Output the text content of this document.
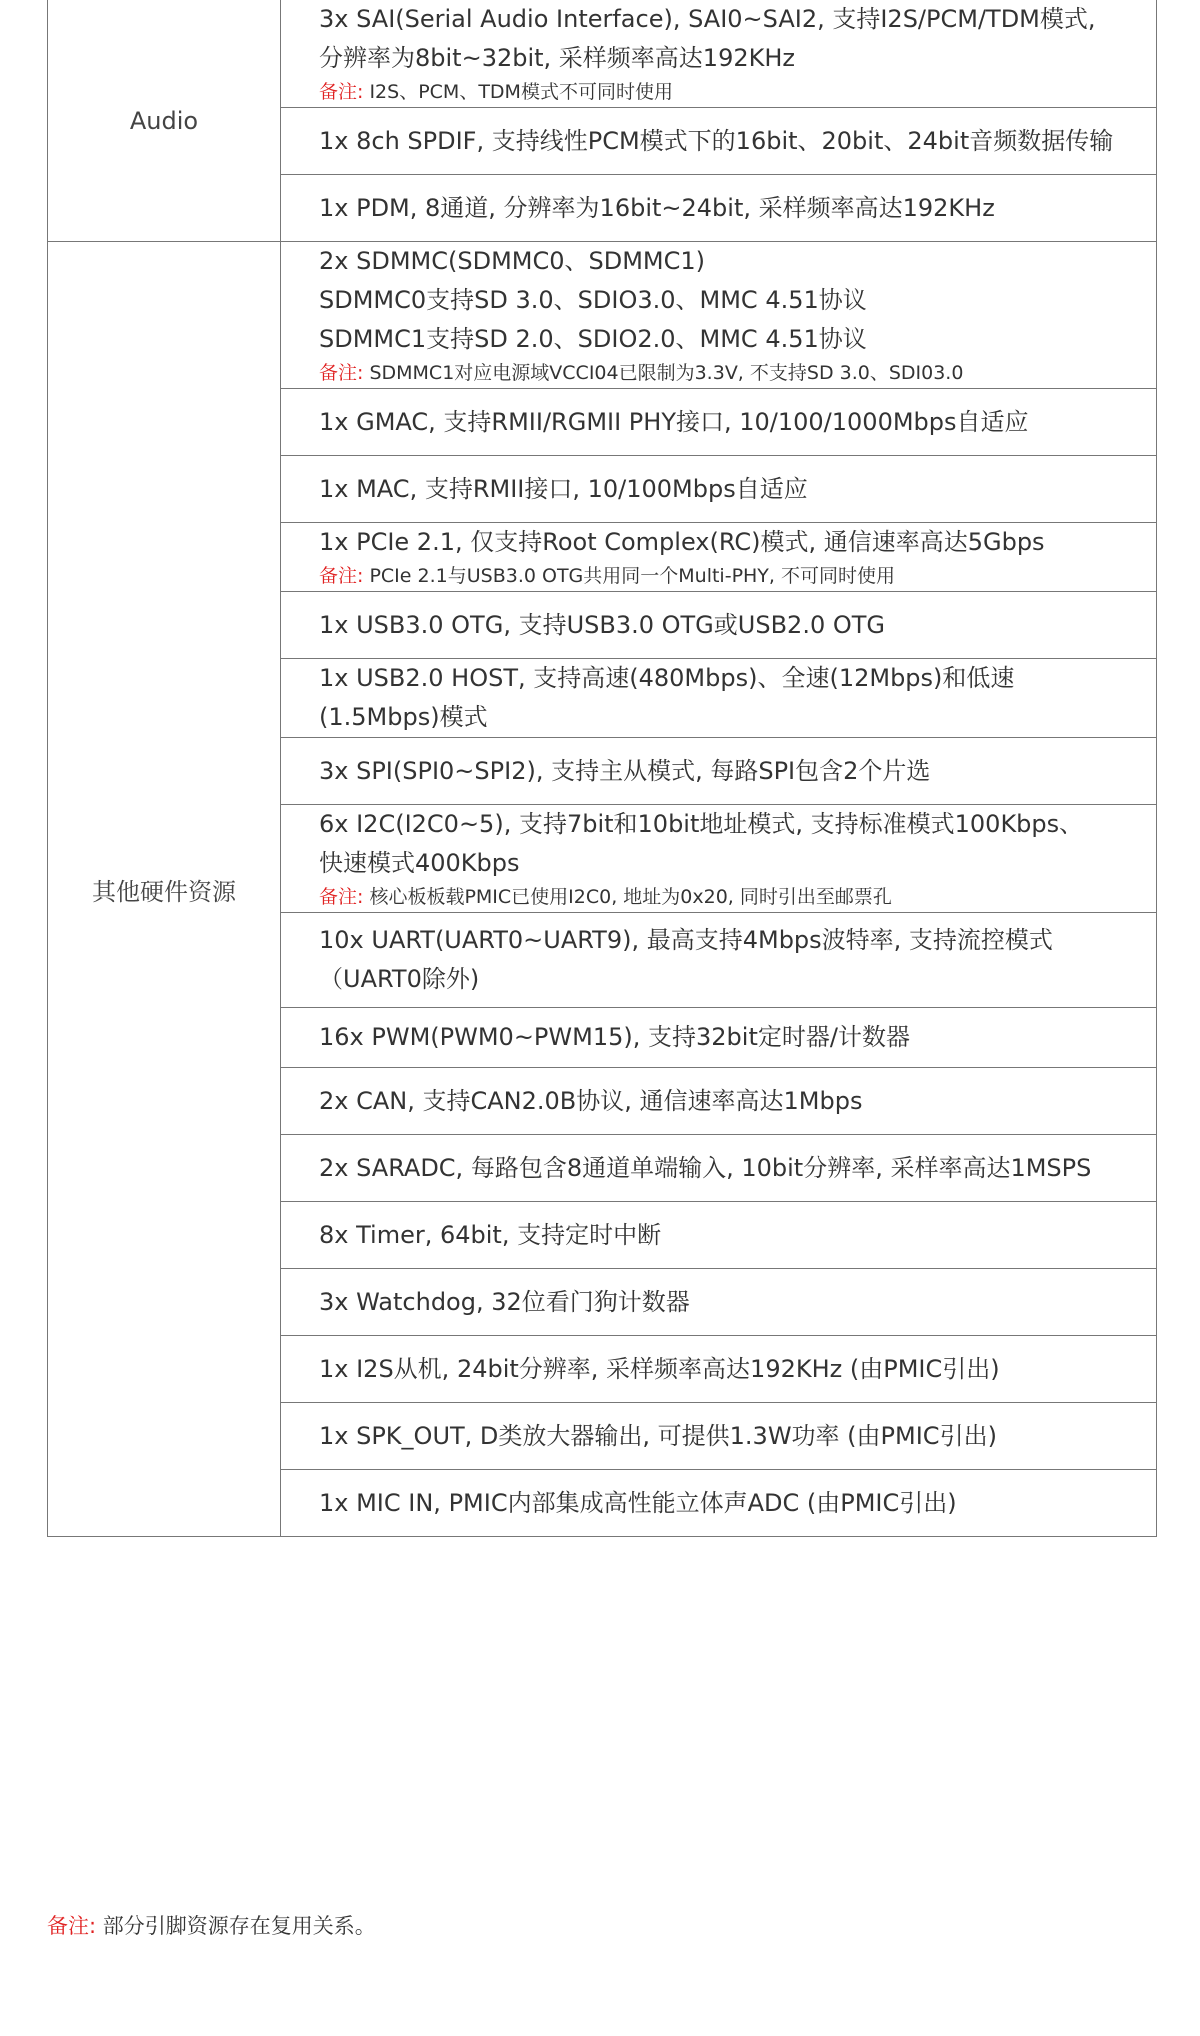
Audio	3x SAI(Serial Audio Interface), SAI0~SAI2, 支持I2S/PCM/TDM模式,
分辨率为8bit~32bit, 采样频率高达192KHz
备注: I2S、PCM、TDM模式不可同时使用

	1x 8ch SPDIF, 支持线性PCM模式下的16bit、20bit、24bit音频数据传输

	1x PDM, 8通道, 分辨率为16bit~24bit, 采样频率高达192KHz

其他硬件资源	2x SDMMC(SDMMC0、SDMMC1)
SDMMC0支持SD 3.0、SDIO3.0、MMC 4.51协议
SDMMC1支持SD 2.0、SDIO2.0、MMC 4.51协议
备注: SDMMC1对应电源域VCCI04已限制为3.3V, 不支持SD 3.0、SDI03.0

	1x GMAC, 支持RMII/RGMII PHY接口, 10/100/1000Mbps自适应

	1x MAC, 支持RMII接口, 10/100Mbps自适应

	1x PCIe 2.1, 仅支持Root Complex(RC)模式, 通信速率高达5Gbps
备注: PCIe 2.1与USB3.0 OTG共用同一个Multi-PHY, 不可同时使用

	1x USB3.0 OTG, 支持USB3.0 OTG或USB2.0 OTG

	1x USB2.0 HOST, 支持高速(480Mbps)、全速(12Mbps)和低速
(1.5Mbps)模式

	3x SPI(SPI0~SPI2), 支持主从模式, 每路SPI包含2个片选

	6x I2C(I2C0~5), 支持7bit和10bit地址模式, 支持标准模式100Kbps、
快速模式400Kbps
备注: 核心板板载PMIC已使用I2C0, 地址为0x20, 同时引出至邮票孔

	10x UART(UART0~UART9), 最高支持4Mbps波特率, 支持流控模式
（UART0除外)

	16x PWM(PWM0~PWM15), 支持32bit定时器/计数器

	2x CAN, 支持CAN2.0B协议, 通信速率高达1Mbps

	2x SARADC, 每路包含8通道单端输入, 10bit分辨率, 采样率高达1MSPS

	8x Timer, 64bit, 支持定时中断

	3x Watchdog, 32位看门狗计数器

	1x I2S从机, 24bit分辨率, 采样频率高达192KHz (由PMIC引出)

	1x SPK_OUT, D类放大器输出, 可提供1.3W功率 (由PMIC引出)

	1x MIC IN, PMIC内部集成高性能立体声ADC (由PMIC引出)
备注: 部分引脚资源存在复用关系。
